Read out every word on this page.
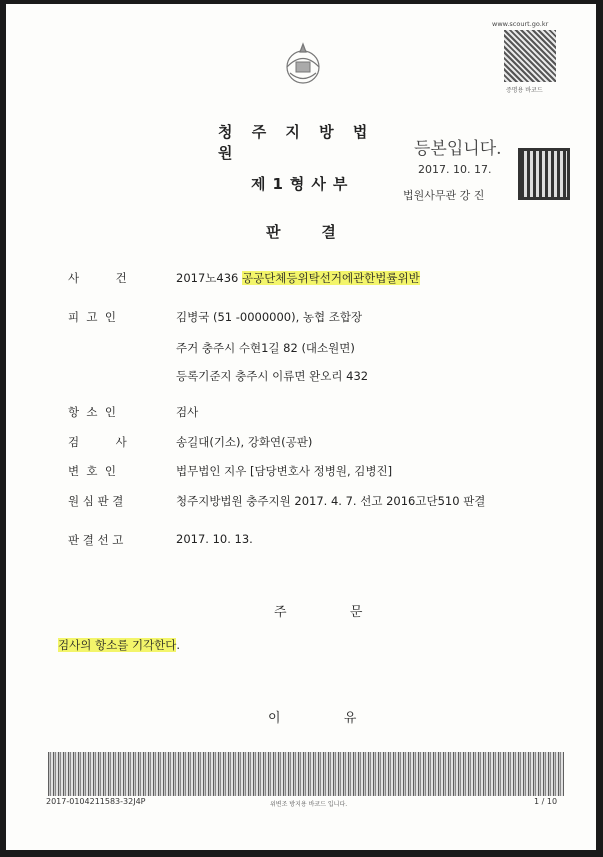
www.scourt.go.kr
증명용 바코드
청 주 지 방 법 원
제1형사부
판    결
등본입니다.
2017. 10. 17.
법원사무관 강 진
사          건	2017노436 공공단체등위탁선거에관한법률위반
피  고  인	김병국 (51 -0000000), 농협 조합장
주거 충주시 수현1길 82 (대소원면)
등록기준지 충주시 이류면 완오리 432
항  소  인	검사
검          사	송길대(기소), 강화연(공판)
변  호  인	법무법인 지우 [담당변호사 정병원, 김병진]
원 심 판 결	청주지방법원 충주지원 2017. 4. 7. 선고 2016고단510 판결
판 결 선 고	2017. 10. 13.
주          문
검사의 항소를 기각한다.
이          유
2017-0104211583-32J4P	위변조 방지용 바코드 입니다.	1 / 10
